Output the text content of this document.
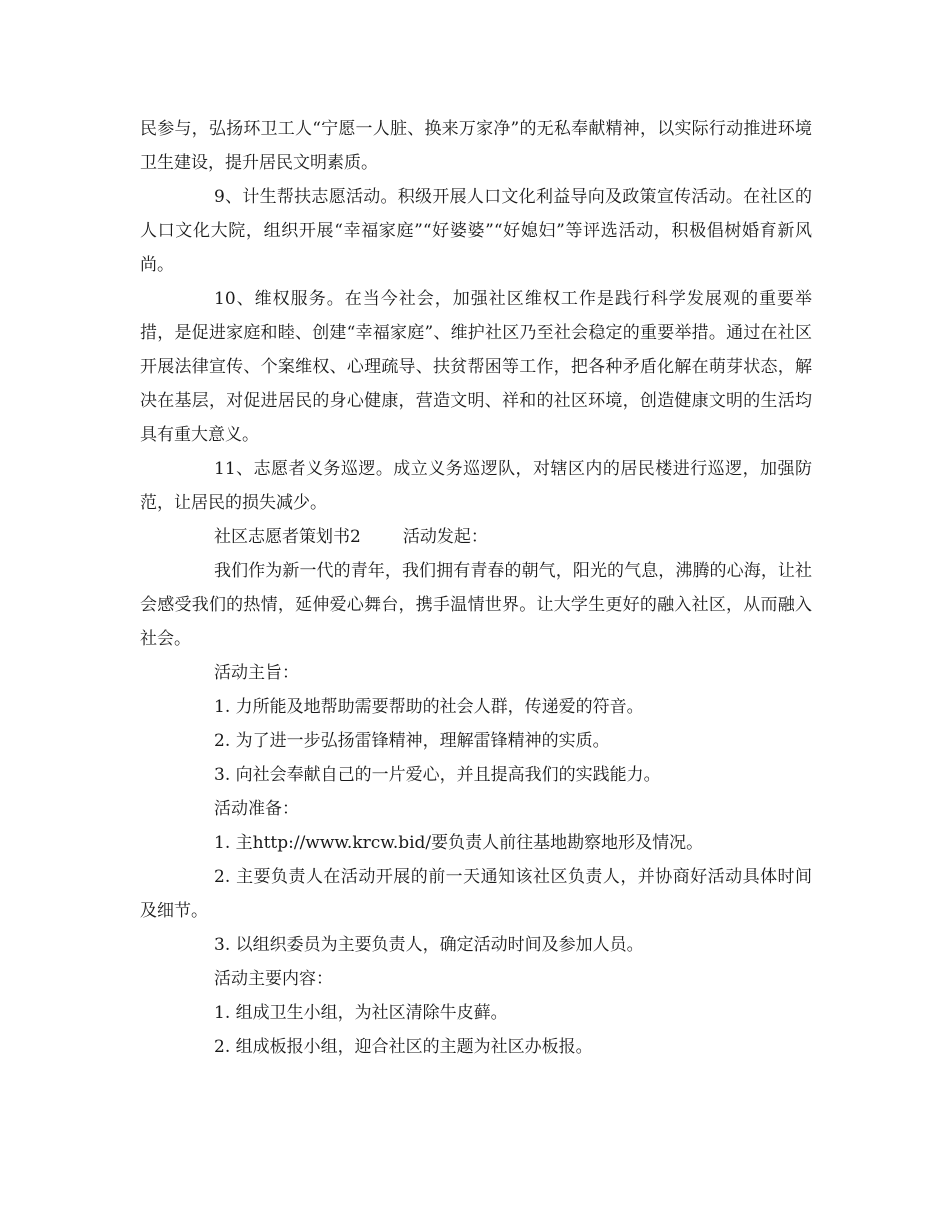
民参与，弘扬环卫工人“宁愿一人脏、换来万家净”的无私奉献精神，以实际行动推进环境卫生建设，提升居民文明素质。

9、计生帮扶志愿活动。积级开展人口文化利益导向及政策宣传活动。在社区的人口文化大院，组织开展“幸福家庭”“好婆婆”“好媳妇”等评选活动，积极倡树婚育新风尚。

10、维权服务。在当今社会，加强社区维权工作是践行科学发展观的重要举措，是促进家庭和睦、创建“幸福家庭”、维护社区乃至社会稳定的重要举措。通过在社区开展法律宣传、个案维权、心理疏导、扶贫帮困等工作，把各种矛盾化解在萌芽状态，解决在基层，对促进居民的身心健康，营造文明、祥和的社区环境，创造健康文明的生活均具有重大意义。

11、志愿者义务巡逻。成立义务巡逻队，对辖区内的居民楼进行巡逻，加强防范，让居民的损失减少。

社区志愿者策划书2 活动发起：

我们作为新一代的青年，我们拥有青春的朝气，阳光的气息，沸腾的心海，让社会感受我们的热情，延伸爱心舞台，携手温情世界。让大学生更好的融入社区，从而融入社会。

活动主旨：

1. 力所能及地帮助需要帮助的社会人群，传递爱的符音。

2. 为了进一步弘扬雷锋精神，理解雷锋精神的实质。

3. 向社会奉献自己的一片爱心，并且提高我们的实践能力。

活动准备：

1. 主http://www.krcw.bid/要负责人前往基地勘察地形及情况。

2. 主要负责人在活动开展的前一天通知该社区负责人，并协商好活动具体时间及细节。

3. 以组织委员为主要负责人，确定活动时间及参加人员。

活动主要内容：

1. 组成卫生小组，为社区清除牛皮藓。

2. 组成板报小组，迎合社区的主题为社区办板报。
